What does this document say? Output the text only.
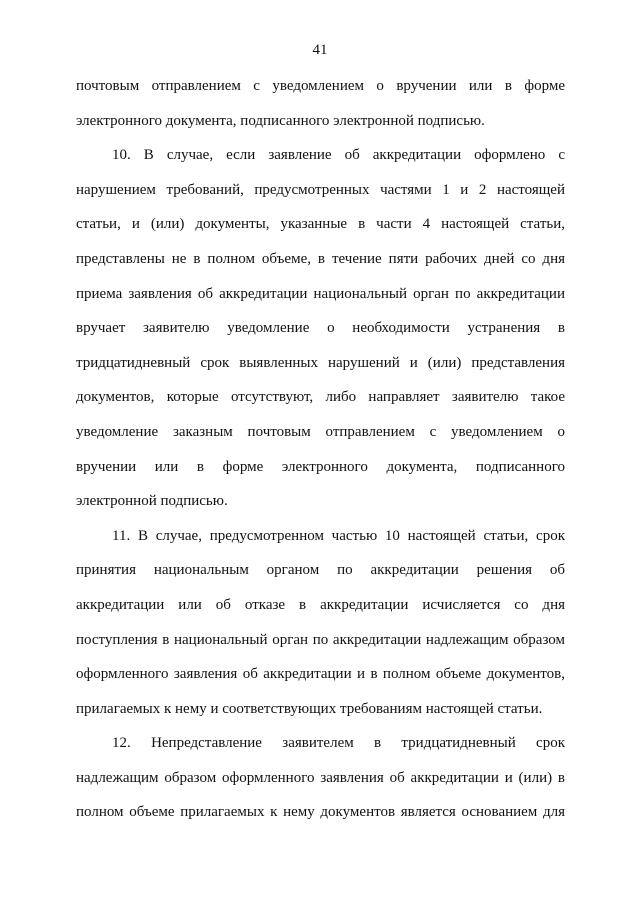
41
почтовым отправлением с уведомлением о вручении или в форме
электронного документа, подписанного электронной подписью.
10. В случае, если заявление об аккредитации оформлено с
нарушением требований, предусмотренных частями 1 и 2 настоящей
статьи, и (или) документы, указанные в части 4 настоящей статьи,
представлены не в полном объеме, в течение пяти рабочих дней со дня
приема заявления об аккредитации национальный орган по аккредитации
вручает заявителю уведомление о необходимости устранения в
тридцатидневный срок выявленных нарушений и (или) представления
документов, которые отсутствуют, либо направляет заявителю такое
уведомление заказным почтовым отправлением с уведомлением о
вручении или в форме электронного документа, подписанного
электронной подписью.
11. В случае, предусмотренном частью 10 настоящей статьи, срок
принятия национальным органом по аккредитации решения об
аккредитации или об отказе в аккредитации исчисляется со дня
поступления в национальный орган по аккредитации надлежащим образом
оформленного заявления об аккредитации и в полном объеме документов,
прилагаемых к нему и соответствующих требованиям настоящей статьи.
12. Непредставление заявителем в тридцатидневный срок
надлежащим образом оформленного заявления об аккредитации и (или) в
полном объеме прилагаемых к нему документов является основанием для
